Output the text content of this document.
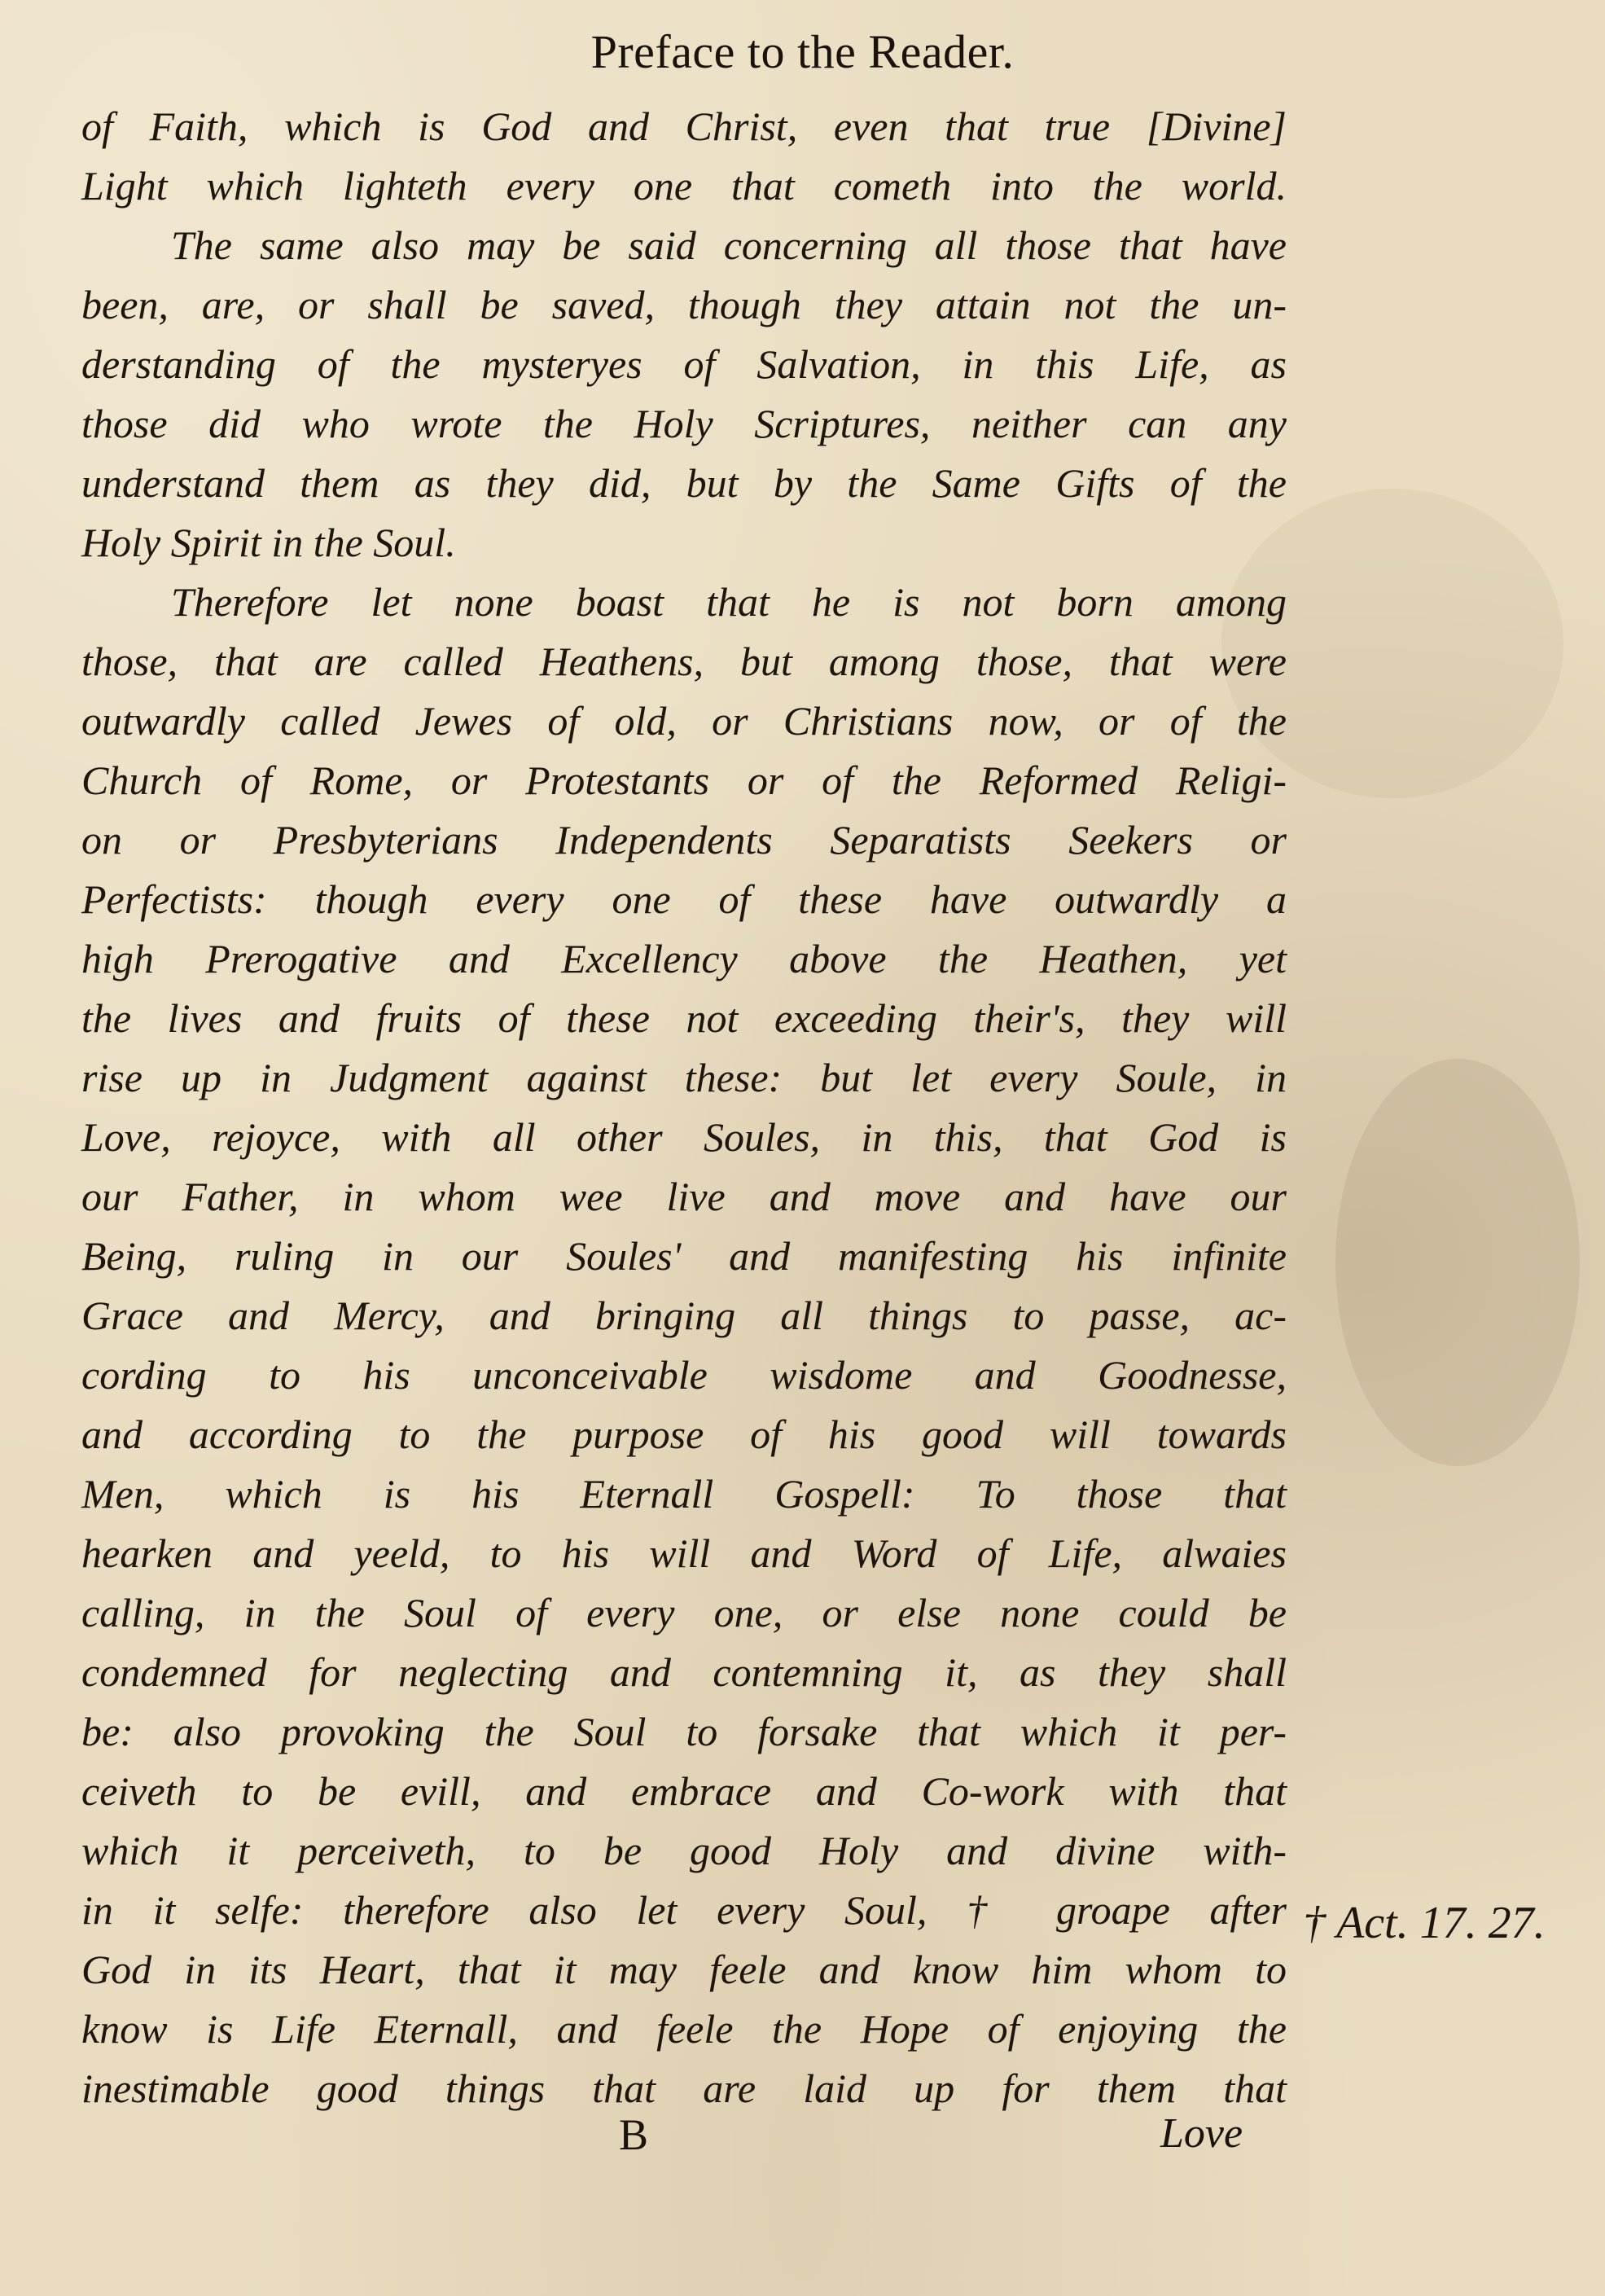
Preface to the Reader.
of Faith, which is God and Christ, even that true [Divine]
Light which lighteth every one that cometh into the world.
The same also may be said concerning all those that have
been, are, or shall be saved, though they attain not the un-
derstanding of the mysteryes of Salvation, in this Life, as
those did who wrote the Holy Scriptures, neither can any
understand them as they did, but by the Same Gifts of the
Holy Spirit in the Soul.
Therefore let none boast that he is not born among
those, that are called Heathens, but among those, that were
outwardly called Jewes of old, or Christians now, or of the
Church of Rome, or Protestants or of the Reformed Religi-
on or Presbyterians Independents Separatists Seekers or
Perfectists: though every one of these have outwardly a
high Prerogative and Excellency above the Heathen, yet
the lives and fruits of these not exceeding their's, they will
rise up in Judgment against these: but let every Soule, in
Love, rejoyce, with all other Soules, in this, that God is
our Father, in whom wee live and move and have our
Being, ruling in our Soules' and manifesting his infinite
Grace and Mercy, and bringing all things to passe, ac-
cording to his unconceivable wisdome and Goodnesse,
and according to the purpose of his good will towards
Men, which is his Eternall Gospell: To those that
hearken and yeeld, to his will and Word of Life, alwaies
calling, in the Soul of every one, or else none could be
condemned for neglecting and contemning it, as they shall
be: also provoking the Soul to forsake that which it per-
ceiveth to be evill, and embrace and Co-work with that
which it perceiveth, to be good Holy and divine with-
in it selfe: therefore also let every Soul, † groape after
God in its Heart, that it may feele and know him whom to
know is Life Eternall, and feele the Hope of enjoying the
inestimable good things that are laid up for them that
† Act. 17. 27.
B	Love
